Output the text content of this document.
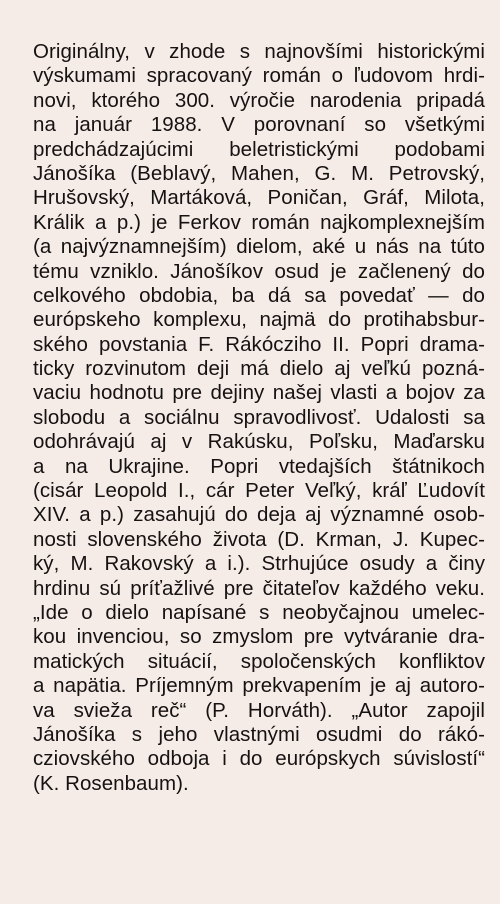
Originálny, v zhode s najnovšími historickými
výskumami spracovaný román o ľudovom hrdi-
novi, ktorého 300. výročie narodenia pripadá
na január 1988. V porovnaní so všetkými
predchádzajúcimi beletristickými podobami
Jánošíka (Beblavý, Mahen, G. M. Petrovský,
Hrušovský, Martáková, Poničan, Gráf, Milota,
Králik a p.) je Ferkov román najkomplexnejším
(a najvýznamnejším) dielom, aké u nás na túto
tému vzniklo. Jánošíkov osud je začlenený do
celkového obdobia, ba dá sa povedať — do
európskeho komplexu, najmä do protihabsbur-
ského povstania F. Rákócziho II. Popri drama-
ticky rozvinutom deji má dielo aj veľkú pozná-
vaciu hodnotu pre dejiny našej vlasti a bojov za
slobodu a sociálnu spravodlivosť. Udalosti sa
odohrávajú aj v Rakúsku, Poľsku, Maďarsku
a na Ukrajine. Popri vtedajších štátnikoch
(cisár Leopold I., cár Peter Veľký, kráľ Ľudovít
XIV. a p.) zasahujú do deja aj významné osob-
nosti slovenského života (D. Krman, J. Kupec-
ký, M. Rakovský a i.). Strhujúce osudy a činy
hrdinu sú príťažlivé pre čitateľov každého veku.
„Ide o dielo napísané s neobyčajnou umelec-
kou invenciou, so zmyslom pre vytváranie dra-
matických situácií, spoločenských konfliktov
a napätia. Príjemným prekvapením je aj autoro-
va svieža reč“ (P. Horváth). „Autor zapojil
Jánošíka s jeho vlastnými osudmi do rákó-
cziovského odboja i do európskych súvislostí“
(K. Rosenbaum).
